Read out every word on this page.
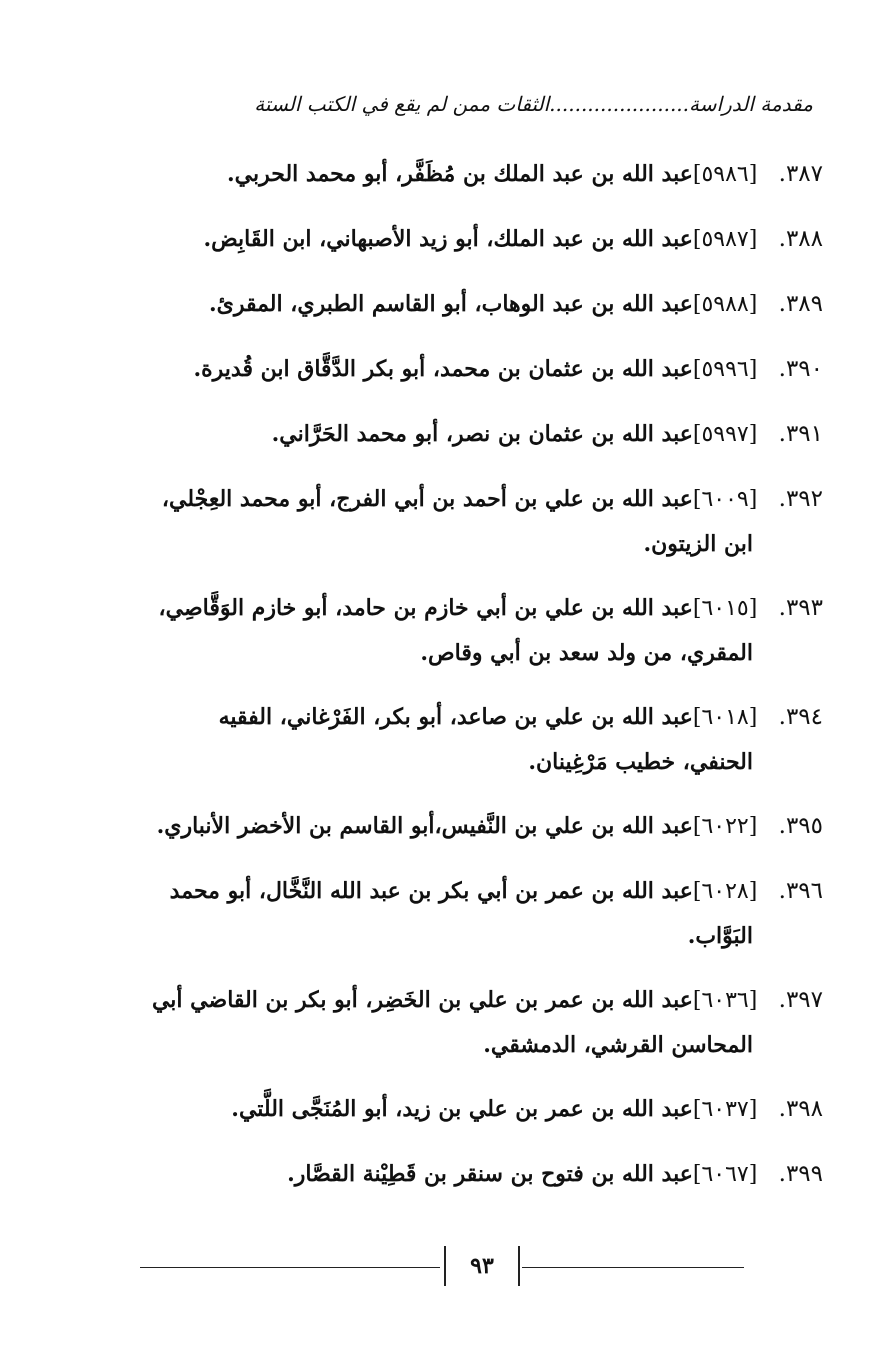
مقدمة الدراسة......................الثقات ممن لم يقع في الكتب الستة
٣٨٧. [٥٩٨٦]عبد الله بن عبد الملك بن مُظَفَّر، أبو محمد الحربي.
٣٨٨. [٥٩٨٧]عبد الله بن عبد الملك، أبو زيد الأصبهاني، ابن القَابِض.
٣٨٩. [٥٩٨٨]عبد الله بن عبد الوهاب، أبو القاسم الطبري، المقرئ.
٣٩٠. [٥٩٩٦]عبد الله بن عثمان بن محمد، أبو بكر الدَّقَّاق ابن قُديرة.
٣٩١. [٥٩٩٧]عبد الله بن عثمان بن نصر، أبو محمد الحَرَّاني.
٣٩٢. [٦٠٠٩]عبد الله بن علي بن أحمد بن أبي الفرج، أبو محمد العِجْلي،
ابن الزيتون.
٣٩٣. [٦٠١٥]عبد الله بن علي بن أبي خازم بن حامد، أبو خازم الوَقَّاصِي،
المقري، من ولد سعد بن أبي وقاص.
٣٩٤. [٦٠١٨]عبد الله بن علي بن صاعد، أبو بكر، الفَرْغاني، الفقيه
الحنفي، خطيب مَرْغِينان.
٣٩٥. [٦٠٢٢]عبد الله بن علي بن النَّفيس،أبو القاسم بن الأخضر الأنباري.
٣٩٦. [٦٠٢٨]عبد الله بن عمر بن أبي بكر بن عبد الله النَّخَّال، أبو محمد
البَوَّاب.
٣٩٧. [٦٠٣٦]عبد الله بن عمر بن علي بن الخَضِر، أبو بكر بن القاضي أبي
المحاسن القرشي، الدمشقي.
٣٩٨. [٦٠٣٧]عبد الله بن عمر بن علي بن زيد، أبو المُنَجَّى اللَّتي.
٣٩٩. [٦٠٦٧]عبد الله بن فتوح بن سنقر بن قَطِيْنة القصَّار.
٩٣
